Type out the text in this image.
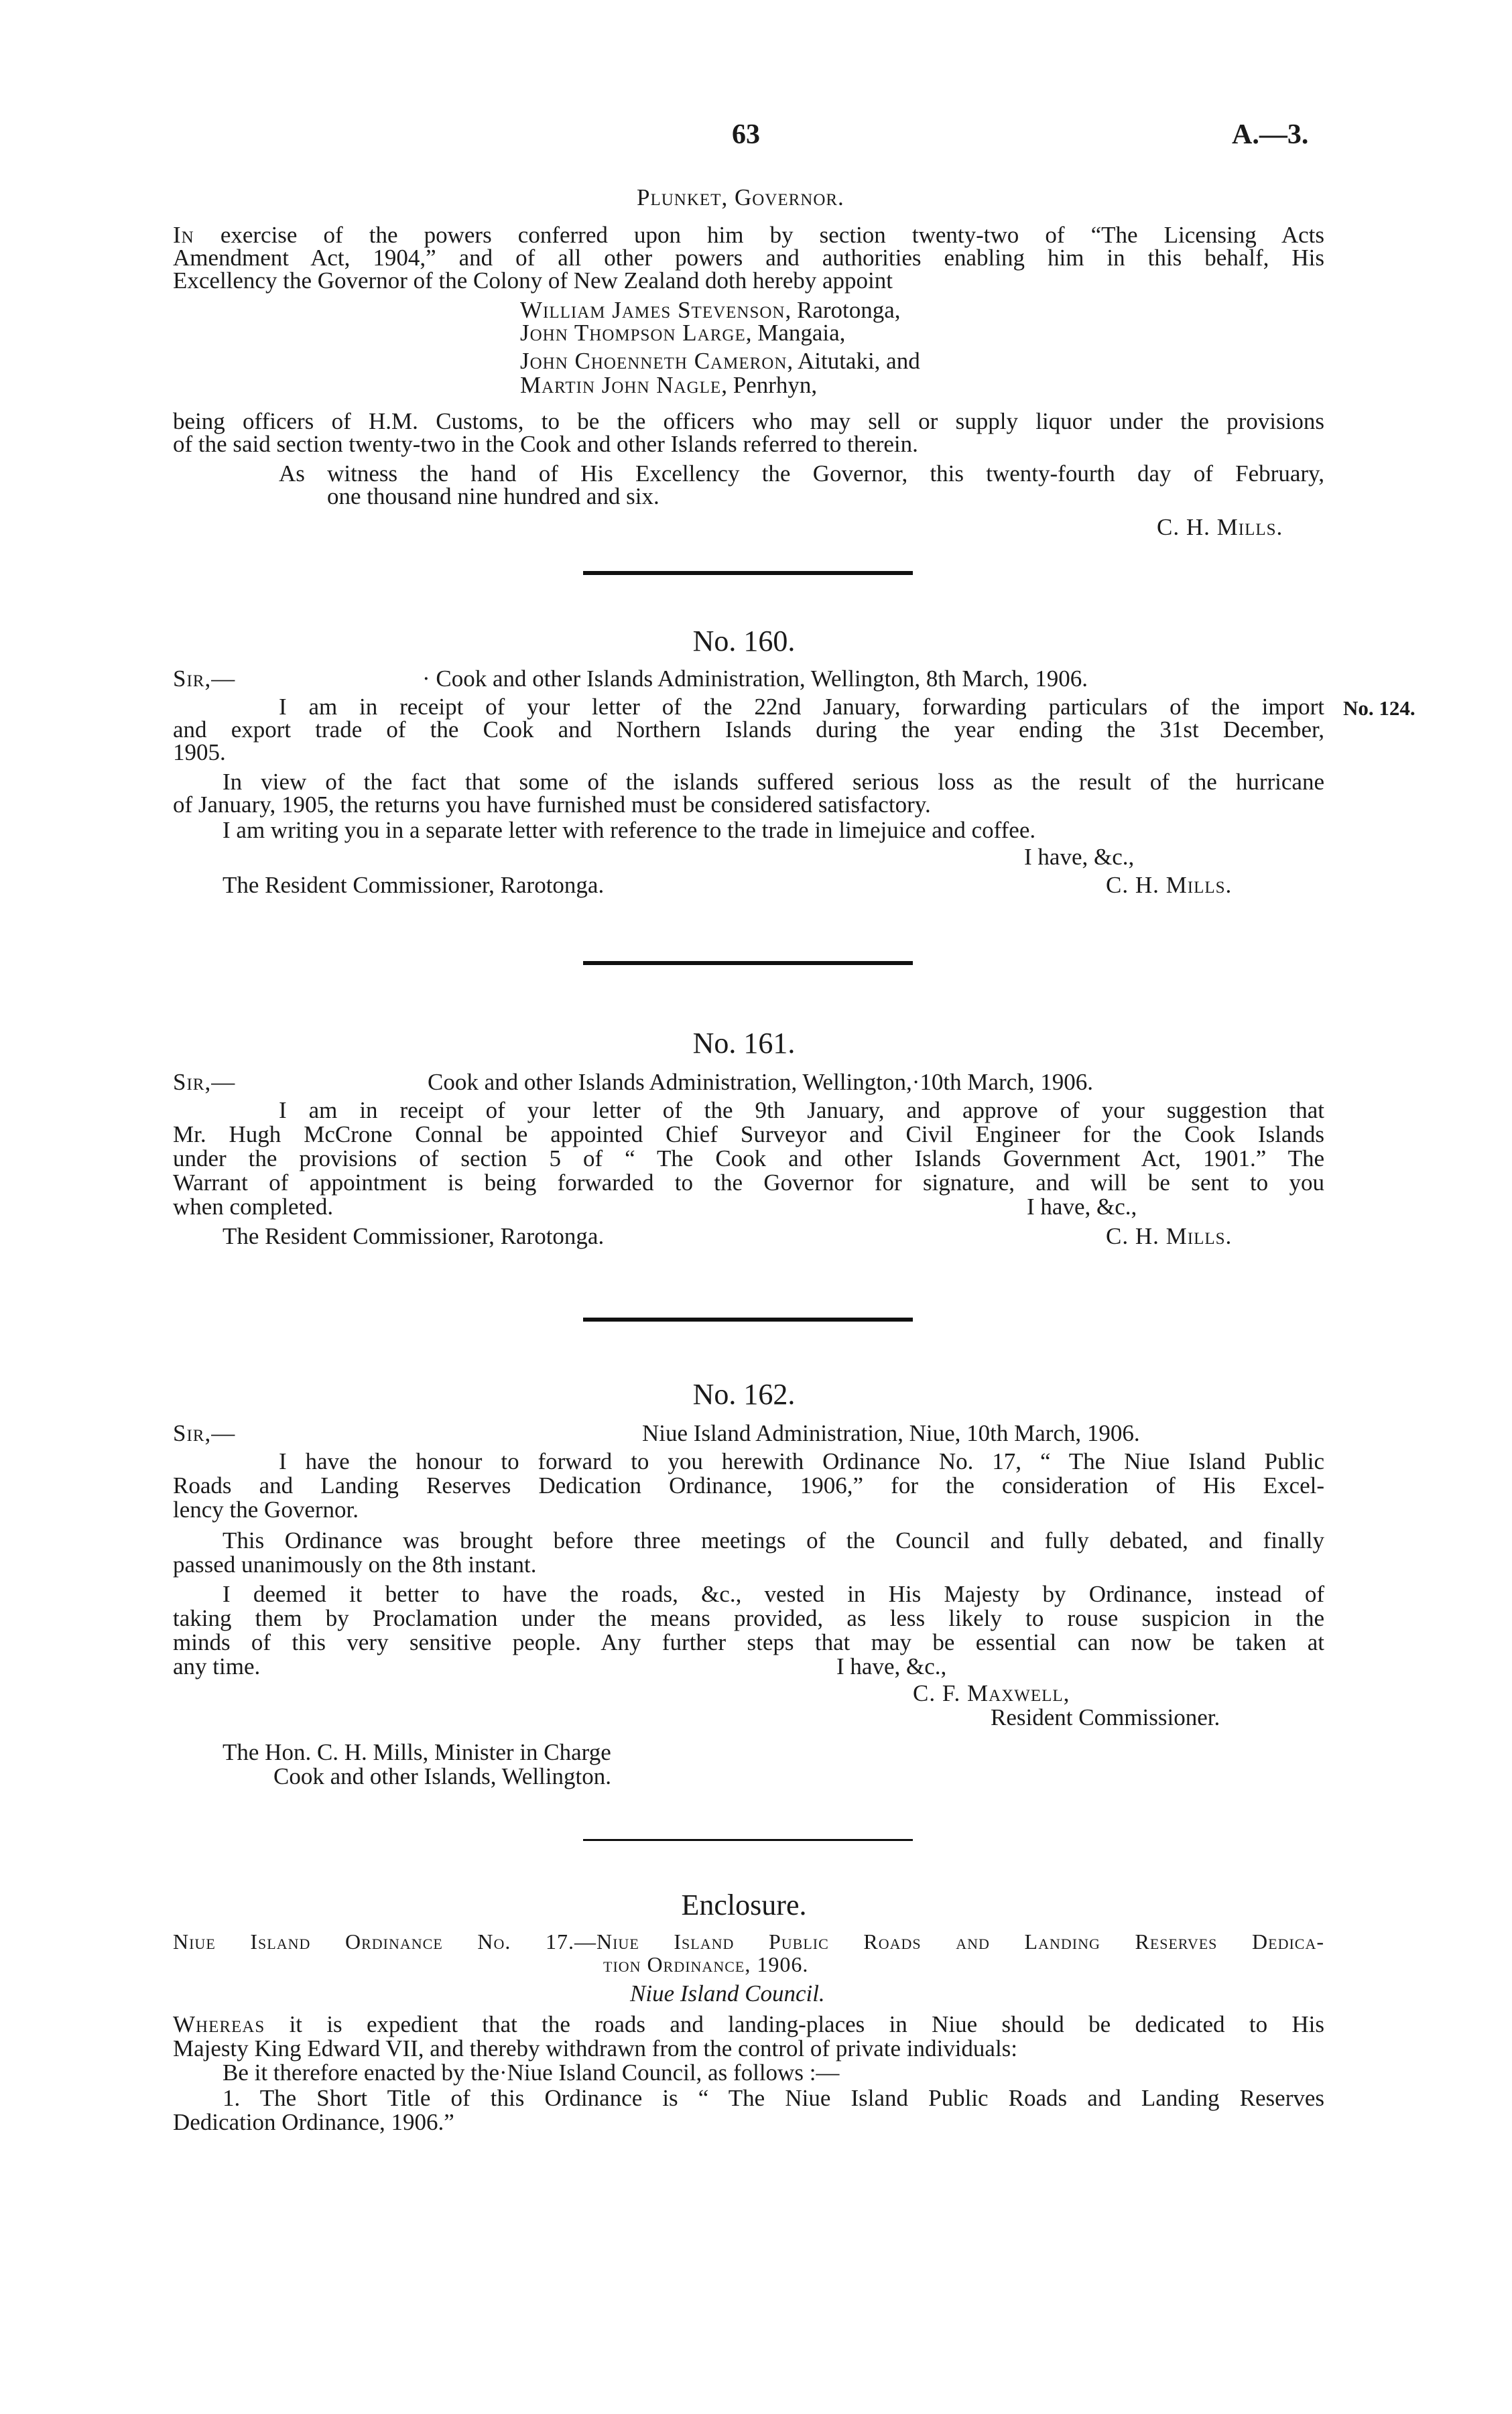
63	A.—3.
Plunket, Governor.
In exercise of the powers conferred upon him by section twenty-two of “The Licensing Acts
Amendment Act, 1904,” and of all other powers and authorities enabling him in this behalf, His
Excellency the Governor of the Colony of New Zealand doth hereby appoint
William James Stevenson, Rarotonga,
John Thompson Large, Mangaia,
John Choenneth Cameron, Aitutaki, and
Martin John Nagle, Penrhyn,
being officers of H.M. Customs, to be the officers who may sell or supply liquor under the provisions
of the said section twenty-two in the Cook and other Islands referred to therein.
As witness the hand of His Excellency the Governor, this twenty-fourth day of February,
one thousand nine hundred and six.
C. H. Mills.
No. 160.
Sir,—	· Cook and other Islands Administration, Wellington, 8th March, 1906.
No. 124.
I am in receipt of your letter of the 22nd January, forwarding particulars of the import
and export trade of the Cook and Northern Islands during the year ending the 31st December,
1905.
In view of the fact that some of the islands suffered serious loss as the result of the hurricane
of January, 1905, the returns you have furnished must be considered satisfactory.
I am writing you in a separate letter with reference to the trade in limejuice and coffee.
I have, &c.,
The Resident Commissioner, Rarotonga.	C. H. Mills.
No. 161.
Sir,—	Cook and other Islands Administration, Wellington,·10th March, 1906.
I am in receipt of your letter of the 9th January, and approve of your suggestion that
Mr. Hugh McCrone Connal be appointed Chief Surveyor and Civil Engineer for the Cook Islands
under the provisions of section 5 of “ The Cook and other Islands Government Act, 1901.” The
Warrant of appointment is being forwarded to the Governor for signature, and will be sent to you
when completed.	I have, &c.,
The Resident Commissioner, Rarotonga.	C. H. Mills.
No. 162.
Sir,—	Niue Island Administration, Niue, 10th March, 1906.
I have the honour to forward to you herewith Ordinance No. 17, “ The Niue Island Public
Roads and Landing Reserves Dedication Ordinance, 1906,” for the consideration of His Excel-
lency the Governor.
This Ordinance was brought before three meetings of the Council and fully debated, and finally
passed unanimously on the 8th instant.
I deemed it better to have the roads, &c., vested in His Majesty by Ordinance, instead of
taking them by Proclamation under the means provided, as less likely to rouse suspicion in the
minds of this very sensitive people. Any further steps that may be essential can now be taken at
any time.	I have, &c.,
C. F. Maxwell,
Resident Commissioner.
The Hon. C. H. Mills, Minister in Charge
Cook and other Islands, Wellington.
Enclosure.
Niue Island Ordinance No. 17.—Niue Island Public Roads and Landing Reserves Dedica-
tion Ordinance, 1906.
Niue Island Council.
Whereas it is expedient that the roads and landing-places in Niue should be dedicated to His
Majesty King Edward VII, and thereby withdrawn from the control of private individuals:
Be it therefore enacted by the·Niue Island Council, as follows :—
1. The Short Title of this Ordinance is “ The Niue Island Public Roads and Landing Reserves
Dedication Ordinance, 1906.”
